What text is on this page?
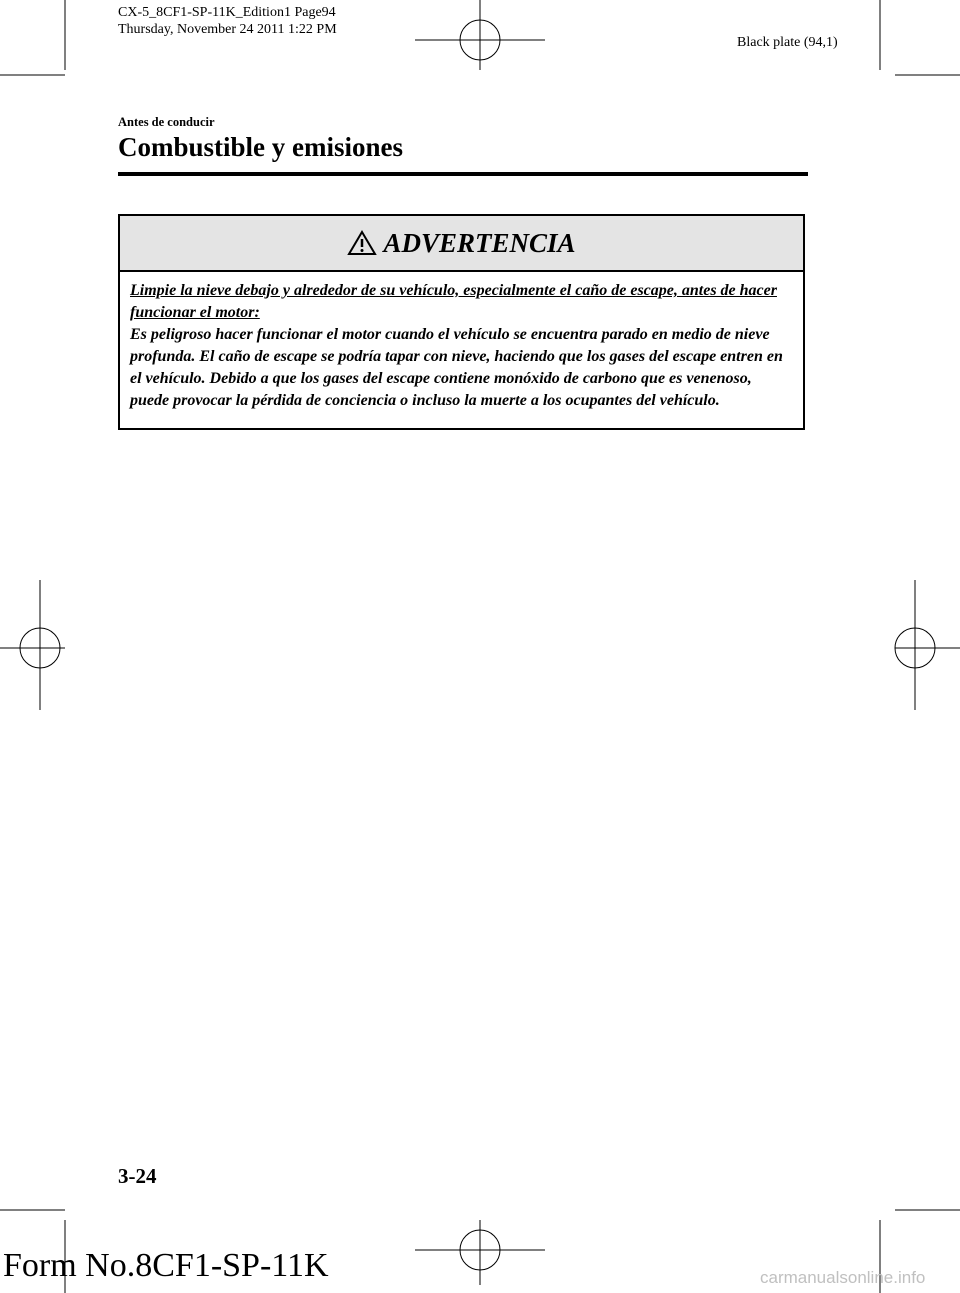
CX-5_8CF1-SP-11K_Edition1 Page94
Thursday, November 24 2011 1:22 PM
Black plate (94,1)
Antes de conducir
Combustible y emisiones
ADVERTENCIA
Limpie la nieve debajo y alrededor de su vehículo, especialmente el caño de escape, antes de hacer funcionar el motor:
Es peligroso hacer funcionar el motor cuando el vehículo se encuentra parado en medio de nieve profunda. El caño de escape se podría tapar con nieve, haciendo que los gases del escape entren en el vehículo. Debido a que los gases del escape contiene monóxido de carbono que es venenoso, puede provocar la pérdida de conciencia o incluso la muerte a los ocupantes del vehículo.
3-24
Form No.8CF1-SP-11K	carmanualsonline.info
